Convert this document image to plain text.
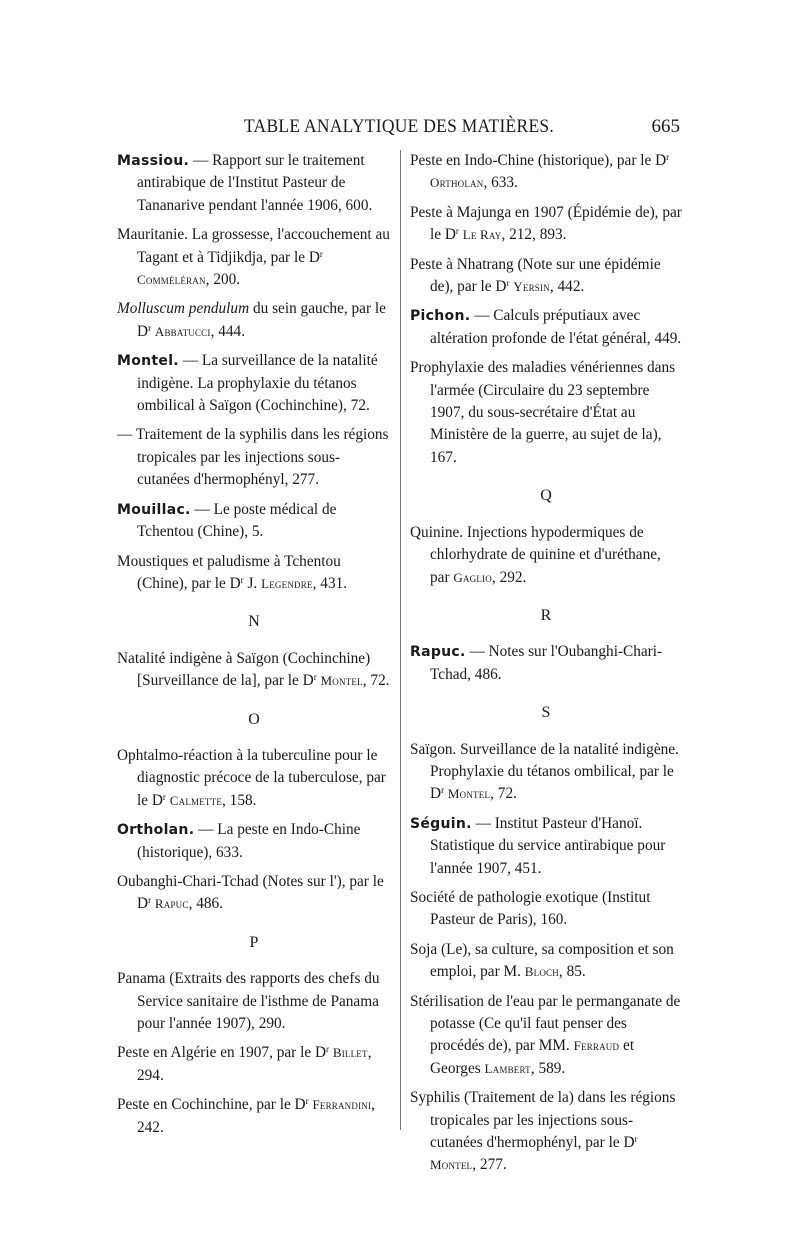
TABLE ANALYTIQUE DES MATIÈRES.	665
Massiou. — Rapport sur le traitement antirabique de l'Institut Pasteur de Tananarive pendant l'année 1906, 600.
Mauritanie. La grossesse, l'accouchement au Tagant et à Tidjikdja, par le $D^r$ Comméléran, 200.
Molluscum pendulum du sein gauche, par le $D^r$ Abbatucci, 444.
Montel. — La surveillance de la natalité indigène. La prophylaxie du tétanos ombilical à Saïgon (Cochinchine), 72.
— Traitement de la syphilis dans les régions tropicales par les injections sous-cutanées d'hermophényl, 277.
Mouillac. — Le poste médical de Tchentou (Chine), 5.
Moustiques et paludisme à Tchentou (Chine), par le $D^r$ J. Legendre, 431.
N
Natalité indigène à Saïgon (Cochinchine) [Surveillance de la], par le $D^r$ Montel, 72.
O
Ophtalmo-réaction à la tuberculine pour le diagnostic précoce de la tuberculose, par le $D^r$ Calmette, 158.
Ortholan. — La peste en Indo-Chine (historique), 633.
Oubanghi-Chari-Tchad (Notes sur l'), par le $D^r$ Rapuc, 486.
P
Panama (Extraits des rapports des chefs du Service sanitaire de l'isthme de Panama pour l'année 1907), 290.
Peste en Algérie en 1907, par le $D^r$ Billet, 294.
Peste en Cochinchine, par le $D^r$ Ferrandini, 242.
Peste en Indo-Chine (historique), par le $D^r$ Ortholan, 633.
Peste à Majunga en 1907 (Épidémie de), par le $D^r$ Le Ray, 212, 893.
Peste à Nhatrang (Note sur une épidémie de), par le $D^r$ Yersin, 442.
Pichon. — Calculs préputiaux avec altération profonde de l'état général, 449.
Prophylaxie des maladies vénériennes dans l'armée (Circulaire du 23 septembre 1907, du sous-secrétaire d'État au Ministère de la guerre, au sujet de la), 167.
Q
Quinine. Injections hypodermiques de chlorhydrate de quinine et d'uréthane, par Gaglio, 292.
R
Rapuc. — Notes sur l'Oubanghi-Chari-Tchad, 486.
S
Saïgon. Surveillance de la natalité indigène. Prophylaxie du tétanos ombilical, par le $D^r$ Montel, 72.
Séguin. — Institut Pasteur d'Hanoï. Statistique du service antirabique pour l'année 1907, 451.
Société de pathologie exotique (Institut Pasteur de Paris), 160.
Soja (Le), sa culture, sa composition et son emploi, par M. Bloch, 85.
Stérilisation de l'eau par le permanganate de potasse (Ce qu'il faut penser des procédés de), par MM. Ferraud et Georges Lambert, 589.
Syphilis (Traitement de la) dans les régions tropicales par les injections sous-cutanées d'hermophényl, par le $D^r$ Montel, 277.
